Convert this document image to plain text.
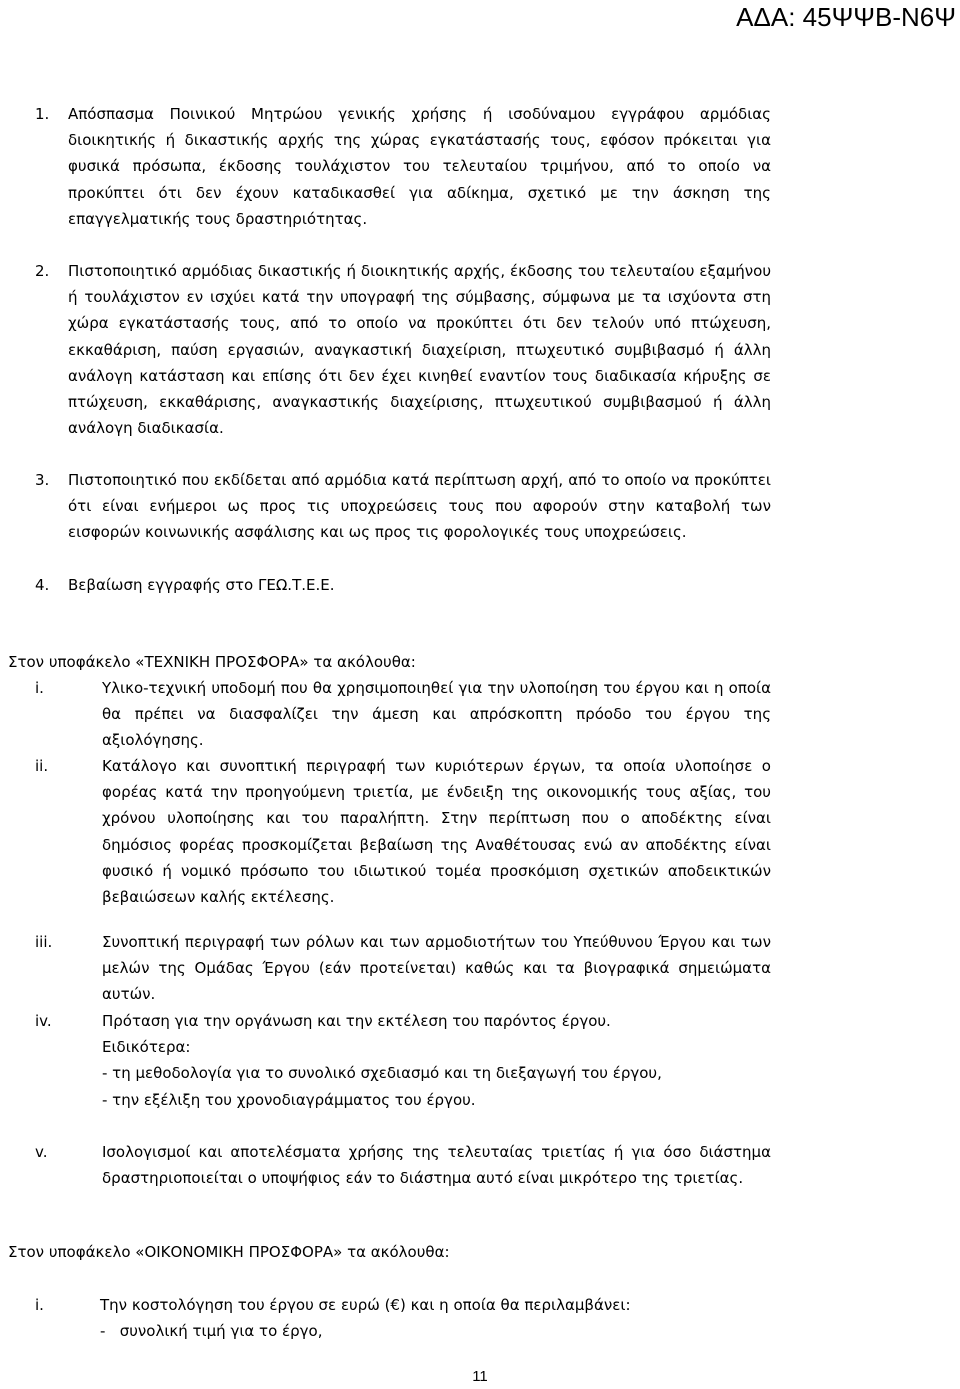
ΑΔΑ: 45ΨΨΒ-Ν6Ψ
1. Απόσπασμα Ποινικού Μητρώου γενικής χρήσης ή ισοδύναμου εγγράφου αρμόδιας διοικητικής ή δικαστικής αρχής της χώρας εγκατάστασής τους, εφόσον πρόκειται για φυσικά πρόσωπα, έκδοσης τουλάχιστον του τελευταίου τριμήνου, από το οποίο να προκύπτει ότι δεν έχουν καταδικασθεί για αδίκημα, σχετικό με την άσκηση της επαγγελματικής τους δραστηριότητας.
2. Πιστοποιητικό αρμόδιας δικαστικής ή διοικητικής αρχής, έκδοσης του τελευταίου εξαμήνου ή τουλάχιστον εν ισχύει κατά την υπογραφή της σύμβασης, σύμφωνα με τα ισχύοντα στη χώρα εγκατάστασής τους, από το οποίο να προκύπτει ότι δεν τελούν υπό πτώχευση, εκκαθάριση, παύση εργασιών, αναγκαστική διαχείριση, πτωχευτικό συμβιβασμό ή άλλη ανάλογη κατάσταση και επίσης ότι δεν έχει κινηθεί εναντίον τους διαδικασία κήρυξης σε πτώχευση, εκκαθάρισης, αναγκαστικής διαχείρισης, πτωχευτικού συμβιβασμού ή άλλη ανάλογη διαδικασία.
3. Πιστοποιητικό που εκδίδεται από αρμόδια κατά περίπτωση αρχή, από το οποίο να προκύπτει ότι είναι ενήμεροι ως προς τις υποχρεώσεις τους που αφορούν στην καταβολή των εισφορών κοινωνικής ασφάλισης και ως προς τις φορολογικές τους υποχρεώσεις.
4. Βεβαίωση εγγραφής στο ΓΕΩ.Τ.Ε.Ε.
Στον υποφάκελο «ΤΕΧΝΙΚΗ ΠΡΟΣΦΟΡΑ» τα ακόλουθα:
i.	Υλικο-τεχνική υποδομή που θα χρησιμοποιηθεί για την υλοποίηση του έργου και η οποία θα πρέπει να διασφαλίζει την άμεση και απρόσκοπτη πρόοδο του έργου της αξιολόγησης.
ii.	Κατάλογο και συνοπτική περιγραφή των κυριότερων έργων, τα οποία υλοποίησε ο φορέας κατά την προηγούμενη τριετία, με ένδειξη της οικονομικής τους αξίας, του χρόνου υλοποίησης και του παραλήπτη. Στην περίπτωση που ο αποδέκτης είναι δημόσιος φορέας προσκομίζεται βεβαίωση της Αναθέτουσας ενώ αν αποδέκτης είναι φυσικό ή νομικό πρόσωπο του ιδιωτικού τομέα προσκόμιση σχετικών αποδεικτικών βεβαιώσεων καλής εκτέλεσης.
iii.	Συνοπτική περιγραφή των ρόλων και των αρμοδιοτήτων του Υπεύθυνου Έργου και των μελών της Ομάδας Έργου (εάν προτείνεται) καθώς και τα βιογραφικά σημειώματα αυτών.
iv.	Πρόταση για την οργάνωση και την εκτέλεση του παρόντος έργου.
Ειδικότερα:
- τη μεθοδολογία για το συνολικό σχεδιασμό και τη διεξαγωγή του έργου,
- την εξέλιξη του χρονοδιαγράμματος του έργου.
v.	Ισολογισμοί και αποτελέσματα χρήσης της τελευταίας τριετίας ή για όσο διάστημα δραστηριοποιείται ο υποψήφιος εάν το διάστημα αυτό είναι μικρότερο της τριετίας.
Στον υποφάκελο «ΟΙΚΟΝΟΜΙΚΗ ΠΡΟΣΦΟΡΑ» τα ακόλουθα:
i.	Την κοστολόγηση του έργου σε ευρώ (€) και η οποία θα περιλαμβάνει:
-   συνολική τιμή για το έργο,
11
